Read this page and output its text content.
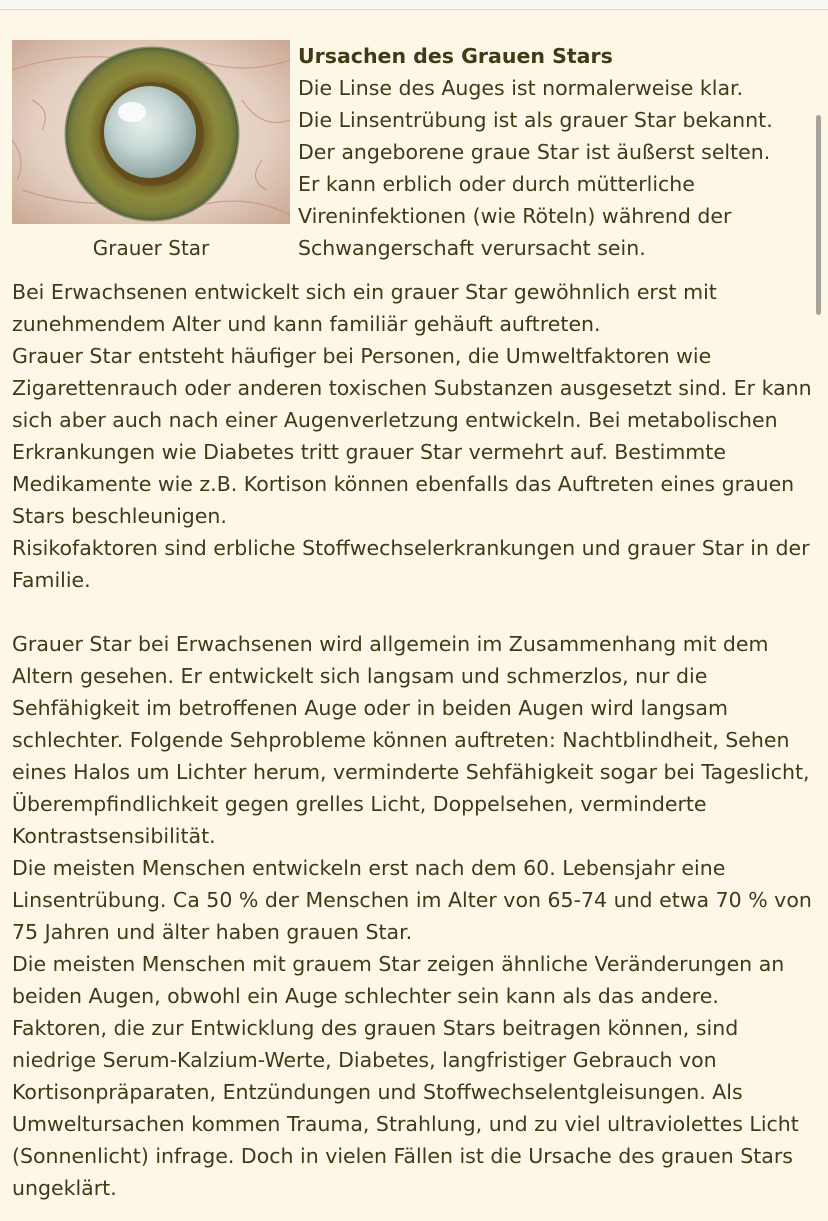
Grauer Star
Ursachen des Grauen Stars
Die Linse des Auges ist normalerweise klar.
Die Linsentrübung ist als grauer Star bekannt.
Der angeborene graue Star ist äußerst selten.
Er kann erblich oder durch mütterliche
Vireninfektionen (wie Röteln) während der
Schwangerschaft verursacht sein.
Bei Erwachsenen entwickelt sich ein grauer Star gewöhnlich erst mit zunehmendem Alter und kann familiär gehäuft auftreten.
Grauer Star entsteht häufiger bei Personen, die Umweltfaktoren wie Zigarettenrauch oder anderen toxischen Substanzen ausgesetzt sind. Er kann sich aber auch nach einer Augenverletzung entwickeln. Bei metabolischen Erkrankungen wie Diabetes tritt grauer Star vermehrt auf. Bestimmte Medikamente wie z.B. Kortison können ebenfalls das Auftreten eines grauen Stars beschleunigen.
Risikofaktoren sind erbliche Stoffwechselerkrankungen und grauer Star in der Familie.
Grauer Star bei Erwachsenen wird allgemein im Zusammenhang mit dem Altern gesehen. Er entwickelt sich langsam und schmerzlos, nur die Sehfähigkeit im betroffenen Auge oder in beiden Augen wird langsam schlechter. Folgende Sehprobleme können auftreten: Nachtblindheit, Sehen eines Halos um Lichter herum, verminderte Sehfähigkeit sogar bei Tageslicht, Überempfindlichkeit gegen grelles Licht, Doppelsehen, verminderte Kontrastsensibilität.
Die meisten Menschen entwickeln erst nach dem 60. Lebensjahr eine Linsentrübung. Ca 50 % der Menschen im Alter von 65-74 und etwa 70 % von 75 Jahren und älter haben grauen Star.
Die meisten Menschen mit grauem Star zeigen ähnliche Veränderungen an beiden Augen, obwohl ein Auge schlechter sein kann als das andere. Faktoren, die zur Entwicklung des grauen Stars beitragen können, sind niedrige Serum-Kalzium-Werte, Diabetes, langfristiger Gebrauch von Kortisonpräparaten, Entzündungen und Stoffwechselentgleisungen. Als Umweltursachen kommen Trauma, Strahlung, und zu viel ultraviolettes Licht (Sonnenlicht) infrage. Doch in vielen Fällen ist die Ursache des grauen Stars ungeklärt.
